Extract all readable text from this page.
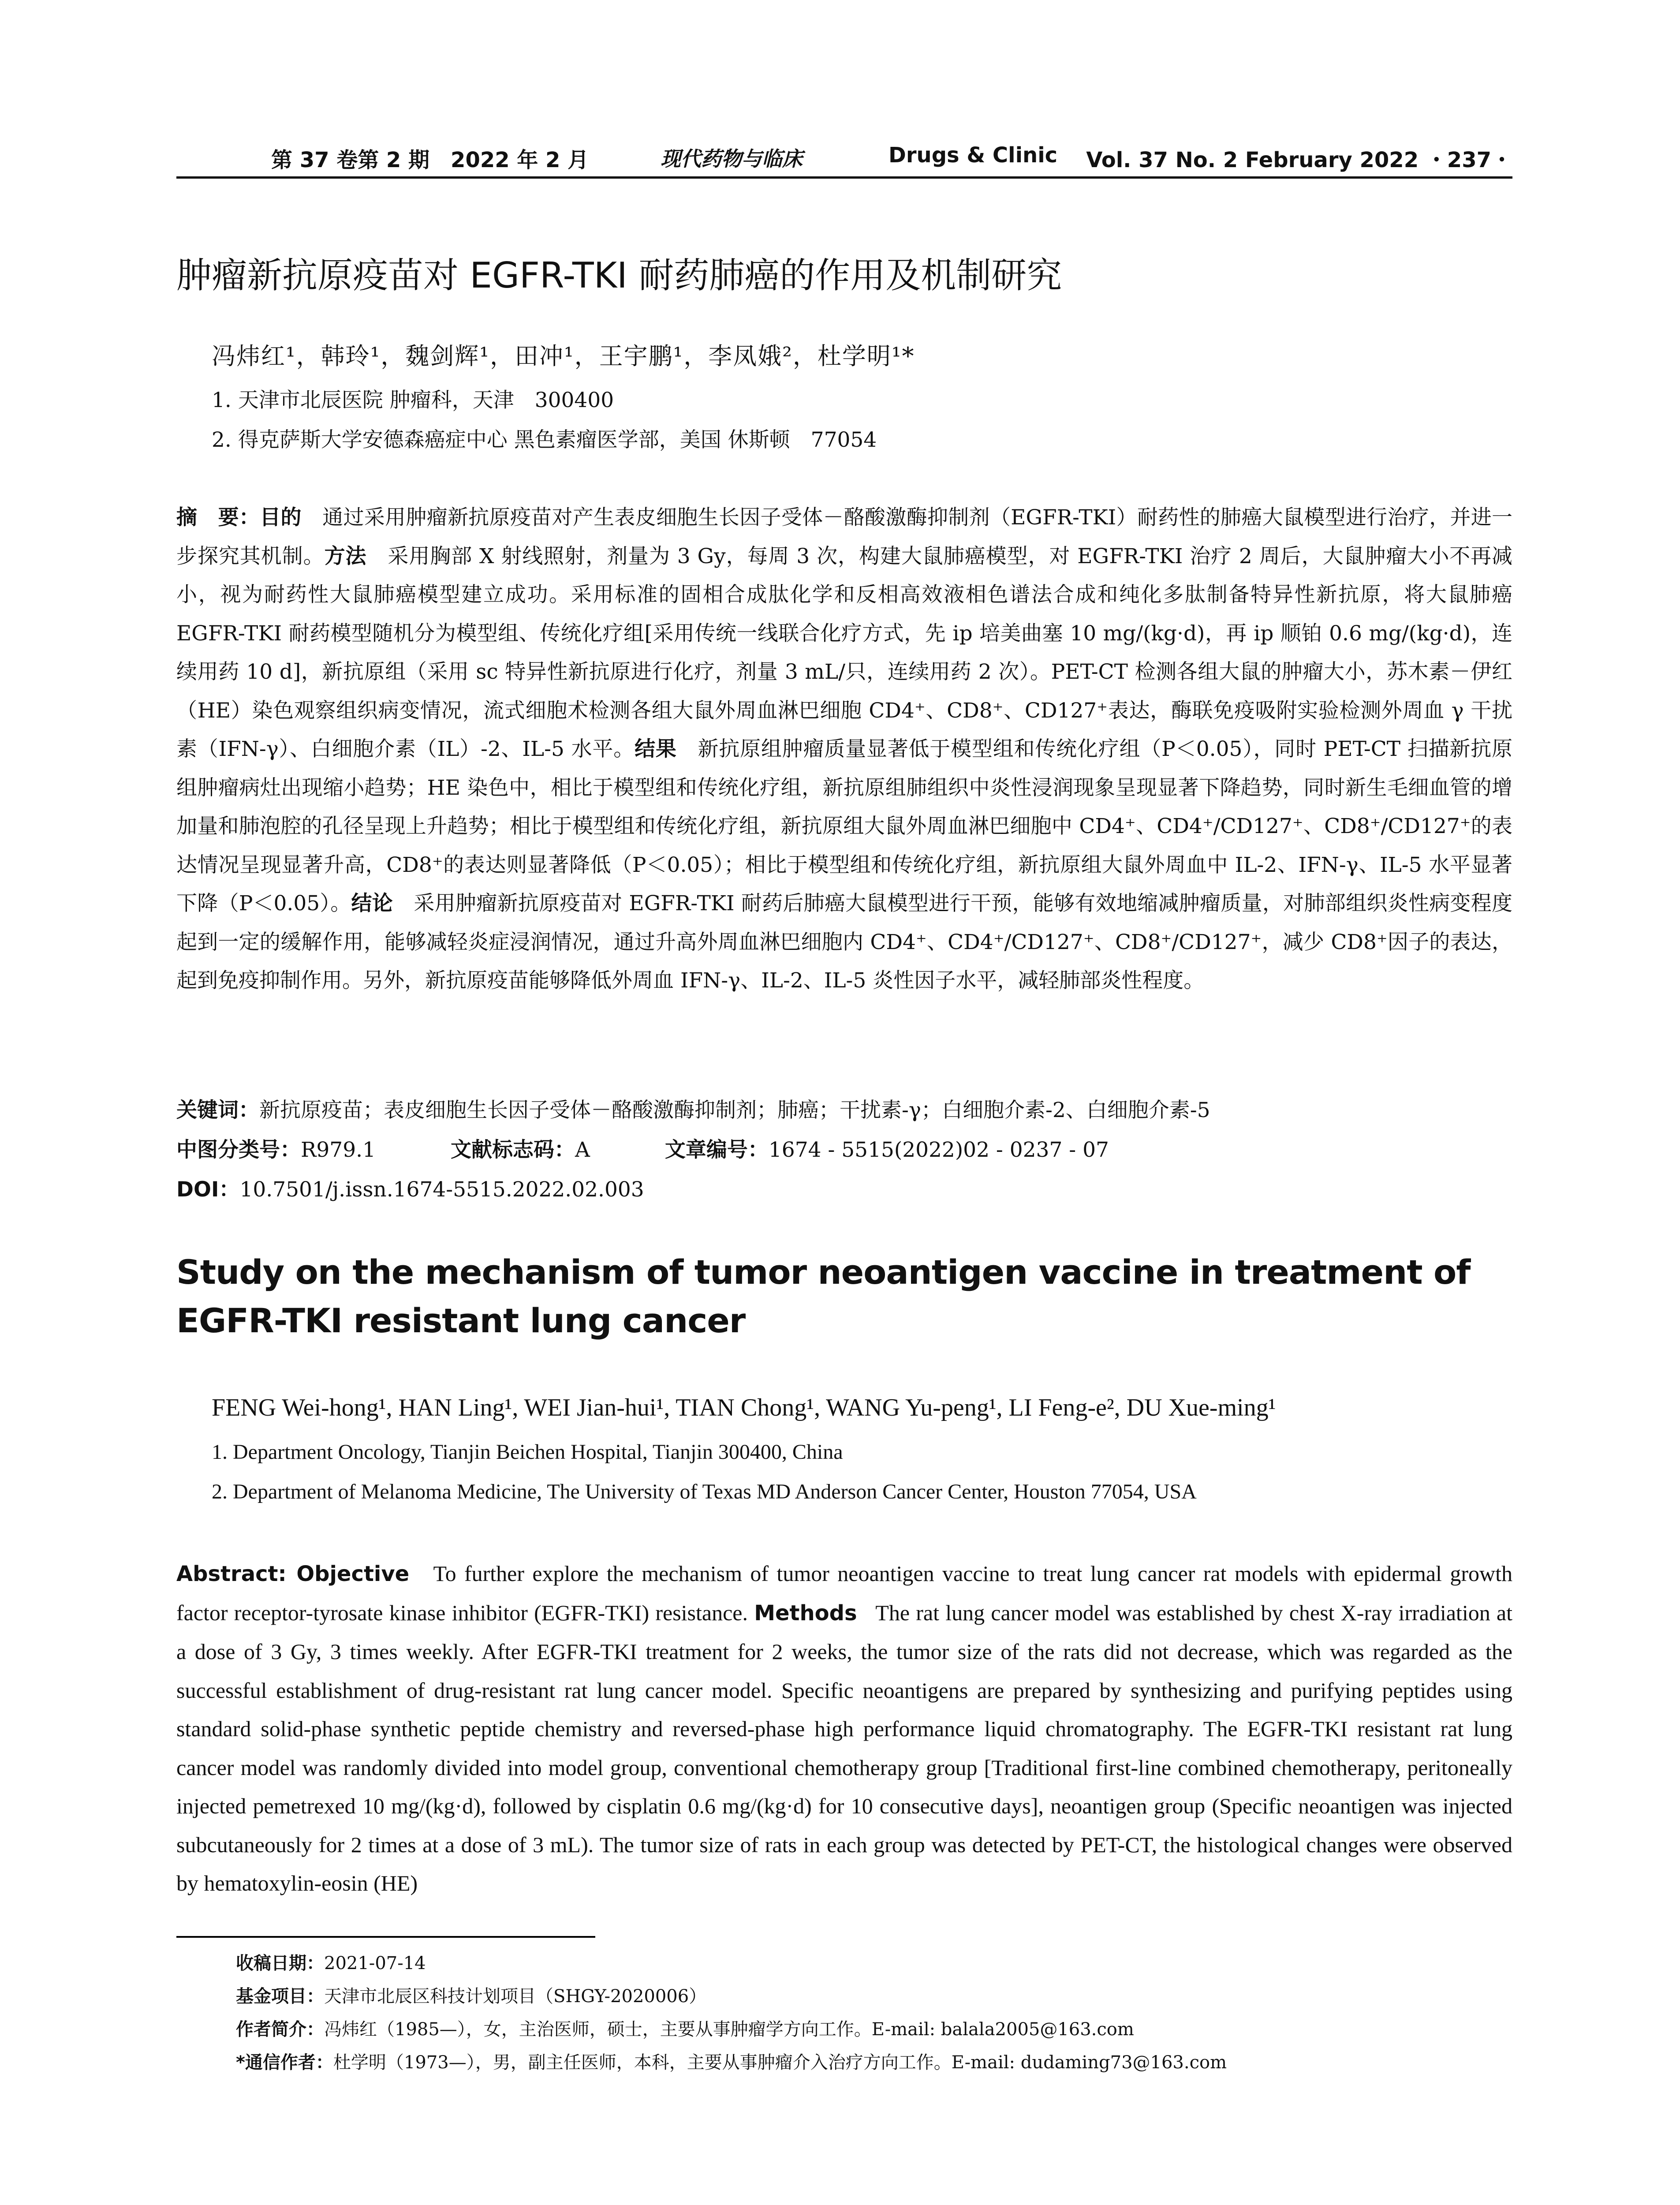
第 37 卷第 2 期　2022 年 2 月	现代药物与临床	Drugs & Clinic Vol. 37 No. 2 February 2022 ・237・
肿瘤新抗原疫苗对 EGFR-TKI 耐药肺癌的作用及机制研究
冯炜红¹，韩玲¹，魏剑辉¹，田冲¹，王宇鹏¹，李凤娥²，杜学明¹*
1. 天津市北辰医院 肿瘤科，天津　300400
2. 得克萨斯大学安德森癌症中心 黑色素瘤医学部，美国 休斯顿　77054
摘　要：目的　 通过采用肿瘤新抗原疫苗对产生表皮细胞生长因子受体－酪酸激酶抑制剂（EGFR-TKI）耐药性的肺癌大鼠模型进行治疗，并进一步探究其机制。方法　 采用胸部 X 射线照射，剂量为 3 Gy，每周 3 次，构建大鼠肺癌模型，对 EGFR-TKI 治疗 2 周后，大鼠肿瘤大小不再减小，视为耐药性大鼠肺癌模型建立成功。采用标准的固相合成肽化学和反相高效液相色谱法合成和纯化多肽制备特异性新抗原，将大鼠肺癌 EGFR-TKI 耐药模型随机分为模型组、传统化疗组[采用传统一线联合化疗方式，先 ip 培美曲塞 10 mg/(kg·d)，再 ip 顺铂 0.6 mg/(kg·d)，连续用药 10 d]，新抗原组（采用 sc 特异性新抗原进行化疗，剂量 3 mL/只，连续用药 2 次）。PET-CT 检测各组大鼠的肿瘤大小，苏木素－伊红（HE）染色观察组织病变情况，流式细胞术检测各组大鼠外周血淋巴细胞 CD4⁺、CD8⁺、CD127⁺表达，酶联免疫吸附实验检测外周血 γ 干扰素（IFN-γ）、白细胞介素（IL）-2、IL-5 水平。结果　 新抗原组肿瘤质量显著低于模型组和传统化疗组（P＜0.05），同时 PET-CT 扫描新抗原组肿瘤病灶出现缩小趋势；HE 染色中，相比于模型组和传统化疗组，新抗原组肺组织中炎性浸润现象呈现显著下降趋势，同时新生毛细血管的增加量和肺泡腔的孔径呈现上升趋势；相比于模型组和传统化疗组，新抗原组大鼠外周血淋巴细胞中 CD4⁺、CD4⁺/CD127⁺、CD8⁺/CD127⁺的表达情况呈现显著升高，CD8⁺的表达则显著降低（P＜0.05）；相比于模型组和传统化疗组，新抗原组大鼠外周血中 IL-2、IFN-γ、IL-5 水平显著下降（P＜0.05）。结论　 采用肿瘤新抗原疫苗对 EGFR-TKI 耐药后肺癌大鼠模型进行干预，能够有效地缩减肿瘤质量，对肺部组织炎性病变程度起到一定的缓解作用，能够减轻炎症浸润情况，通过升高外周血淋巴细胞内 CD4⁺、CD4⁺/CD127⁺、CD8⁺/CD127⁺，减少 CD8⁺因子的表达，起到免疫抑制作用。另外，新抗原疫苗能够降低外周血 IFN-γ、IL-2、IL-5 炎性因子水平，减轻肺部炎性程度。
关键词：新抗原疫苗；表皮细胞生长因子受体－酪酸激酶抑制剂；肺癌；干扰素-γ；白细胞介素-2、白细胞介素-5
中图分类号：R979.1	文献标志码：A	文章编号：1674 - 5515(2022)02 - 0237 - 07
DOI：10.7501/j.issn.1674-5515.2022.02.003
Study on the mechanism of tumor neoantigen vaccine in treatment of EGFR-TKI resistant lung cancer
FENG Wei-hong¹, HAN Ling¹, WEI Jian-hui¹, TIAN Chong¹, WANG Yu-peng¹, LI Feng-e², DU Xue-ming¹
1. Department Oncology, Tianjin Beichen Hospital, Tianjin 300400, China
2. Department of Melanoma Medicine, The University of Texas MD Anderson Cancer Center, Houston 77054, USA
Abstract: Objective To further explore the mechanism of tumor neoantigen vaccine to treat lung cancer rat models with epidermal growth factor receptor-tyrosate kinase inhibitor (EGFR-TKI) resistance. Methods The rat lung cancer model was established by chest X-ray irradiation at a dose of 3 Gy, 3 times weekly. After EGFR-TKI treatment for 2 weeks, the tumor size of the rats did not decrease, which was regarded as the successful establishment of drug-resistant rat lung cancer model. Specific neoantigens are prepared by synthesizing and purifying peptides using standard solid-phase synthetic peptide chemistry and reversed-phase high performance liquid chromatography. The EGFR-TKI resistant rat lung cancer model was randomly divided into model group, conventional chemotherapy group [Traditional first-line combined chemotherapy, peritoneally injected pemetrexed 10 mg/(kg·d), followed by cisplatin 0.6 mg/(kg·d) for 10 consecutive days], neoantigen group (Specific neoantigen was injected subcutaneously for 2 times at a dose of 3 mL). The tumor size of rats in each group was detected by PET-CT, the histological changes were observed by hematoxylin-eosin (HE)
收稿日期：2021-07-14
基金项目：天津市北辰区科技计划项目（SHGY-2020006）
作者简介：冯炜红（1985—），女，主治医师，硕士，主要从事肿瘤学方向工作。E-mail: balala2005@163.com
*通信作者：杜学明（1973—），男，副主任医师，本科，主要从事肿瘤介入治疗方向工作。E-mail: dudaming73@163.com
